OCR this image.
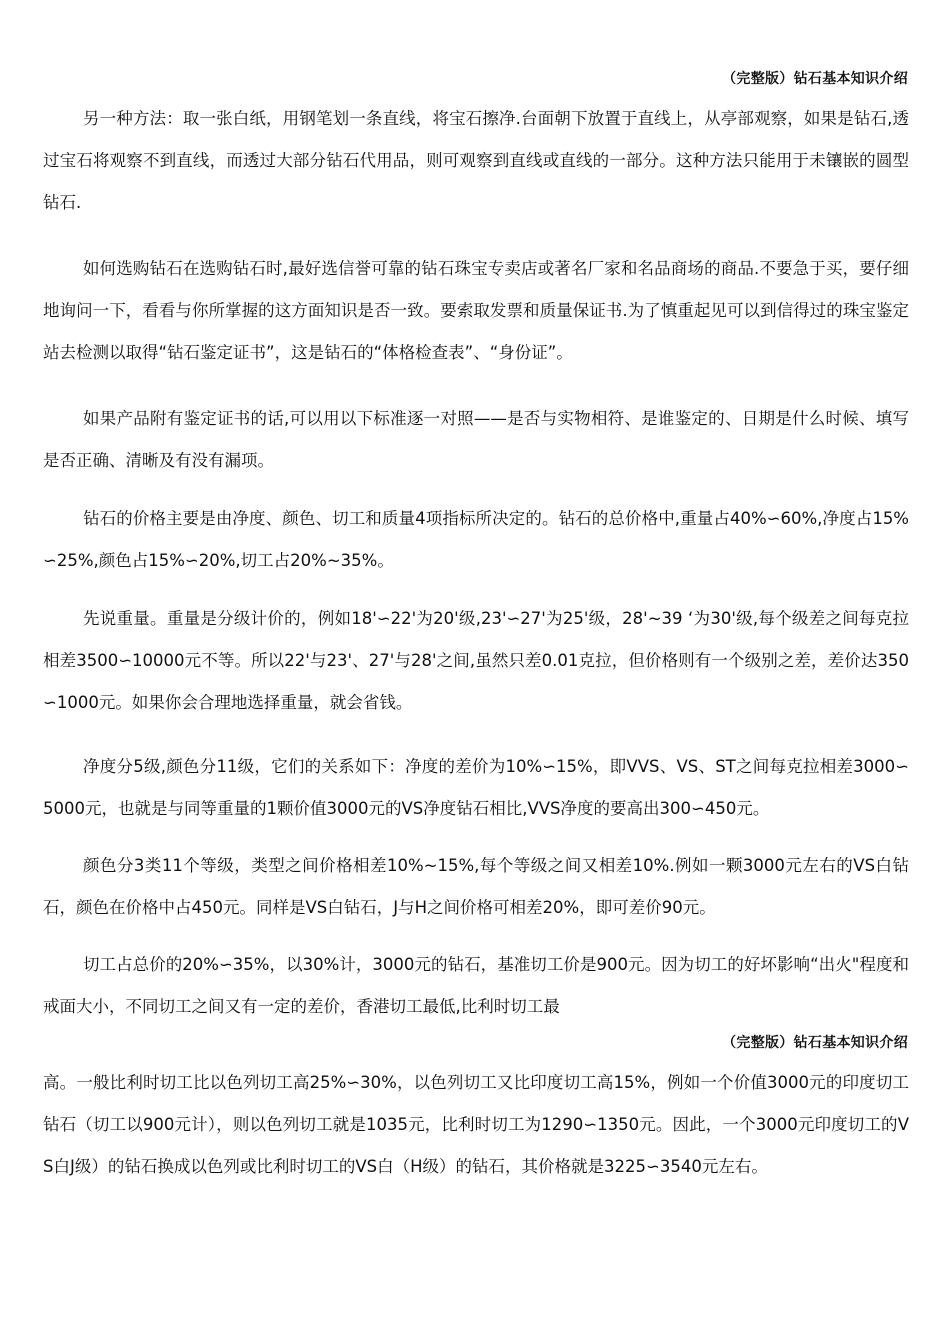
（完整版）钻石基本知识介绍

另一种方法：取一张白纸，用钢笔划一条直线，将宝石擦净.台面朝下放置于直线上，从亭部观察，如果是钻石,透过宝石将观察不到直线，而透过大部分钻石代用品，则可观察到直线或直线的一部分。这种方法只能用于未镶嵌的圆型钻石.

如何选购钻石在选购钻石时,最好选信誉可靠的钻石珠宝专卖店或著名厂家和名品商场的商品.不要急于买，要仔细地询问一下，看看与你所掌握的这方面知识是否一致。要索取发票和质量保证书.为了慎重起见可以到信得过的珠宝鉴定站去检测以取得“钻石鉴定证书”，这是钻石的“体格检查表”、“身份证”。

如果产品附有鉴定证书的话,可以用以下标准逐一对照——是否与实物相符、是谁鉴定的、日期是什么时候、填写是否正确、清晰及有没有漏项。

钻石的价格主要是由净度、颜色、切工和质量4项指标所决定的。钻石的总价格中,重量占40%∽60%,净度占15%∽25%,颜色占15%∽20%,切工占20%~35%。

先说重量。重量是分级计价的，例如18'∽22'为20'级,23'∽27'为25'级，28'~39 ‘为30'级,每个级差之间每克拉相差3500∽10000元不等。所以22'与23'、27'与28'之间,虽然只差0.01克拉，但价格则有一个级别之差，差价达350∽1000元。如果你会合理地选择重量，就会省钱。

净度分5级,颜色分11级，它们的关系如下：净度的差价为10%∽15%，即VVS、VS、ST之间每克拉相差3000∽5000元，也就是与同等重量的1颗价值3000元的VS净度钻石相比,VVS净度的要高出300∽450元。

颜色分3类11个等级，类型之间价格相差10%~15%,每个等级之间又相差10%.例如一颗3000元左右的VS白钻石，颜色在价格中占450元。同样是VS白钻石，J与H之间价格可相差20%，即可差价90元。

切工占总价的20%∽35%，以30%计，3000元的钻石，基准切工价是900元。因为切工的好坏影响“出火"程度和戒面大小，不同切工之间又有一定的差价，香港切工最低,比利时切工最

（完整版）钻石基本知识介绍

高。一般比利时切工比以色列切工高25%∽30%，以色列切工又比印度切工高15%，例如一个价值3000元的印度切工钻石（切工以900元计），则以色列切工就是1035元，比利时切工为1290∽1350元。因此，一个3000元印度切工的VS白J级）的钻石换成以色列或比利时切工的VS白（H级）的钻石，其价格就是3225∽3540元左右。
